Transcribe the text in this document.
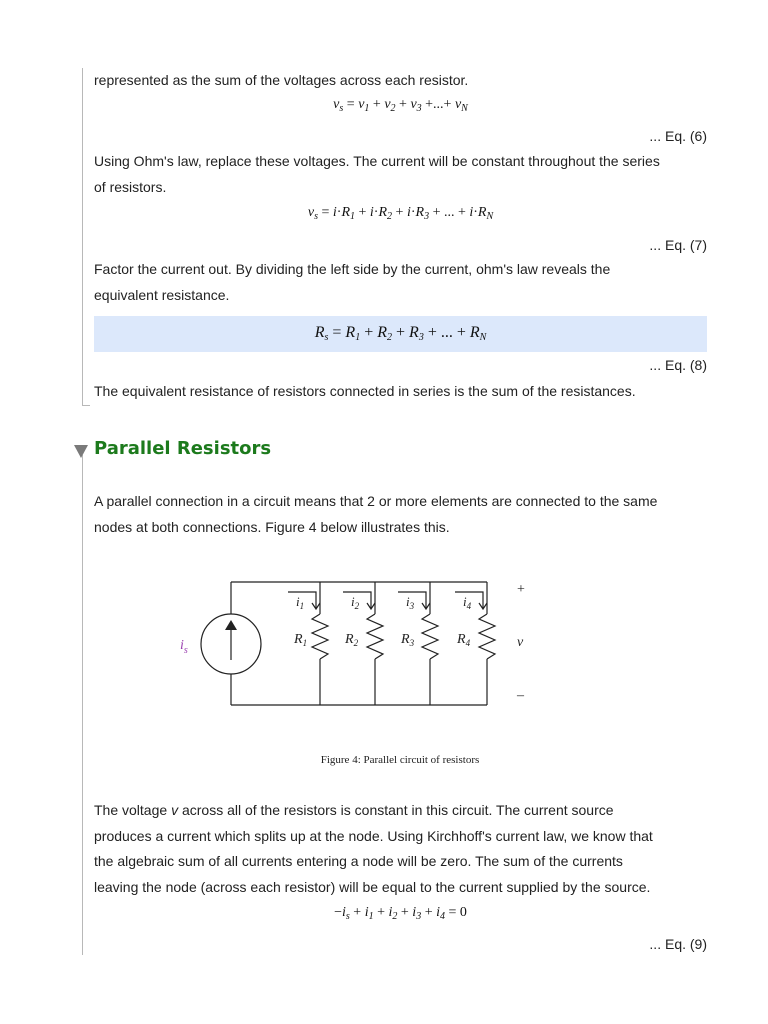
represented as the sum of the voltages across each resistor.
$v_s = v_1 + v_2 + v_3$ +...+ $v_N$
... Eq. (6)
Using Ohm's law, replace these voltages. The current will be constant throughout the series
of resistors.
$v_s = i\cdot R_1 + i\cdot R_2 + i\cdot R_3$ + ... + $i\cdot R_N$
... Eq. (7)
Factor the current out. By dividing the left side by the current, ohm's law reveals the
equivalent resistance.
$R_s = R_1 + R_2 + R_3$ + ... + $R_N$
... Eq. (8)
The equivalent resistance of resistors connected in series is the sum of the resistances.
Parallel Resistors
A parallel connection in a circuit means that 2 or more elements are connected to the same
nodes at both connections. Figure 4 below illustrates this.
$i_s$
$i_1$	$i_2$	$i_3$	$i_4$
$R_1$	$R_2$	$R_3$	$R_4$
+
v
–
Figure 4: Parallel circuit of resistors
The voltage v across all of the resistors is constant in this circuit. The current source
produces a current which splits up at the node. Using Kirchhoff's current law, we know that
the algebraic sum of all currents entering a node will be zero. The sum of the currents
leaving the node (across each resistor) will be equal to the current supplied by the source.
$-i_s + i_1 + i_2 + i_3 + i_4 = 0$
... Eq. (9)
